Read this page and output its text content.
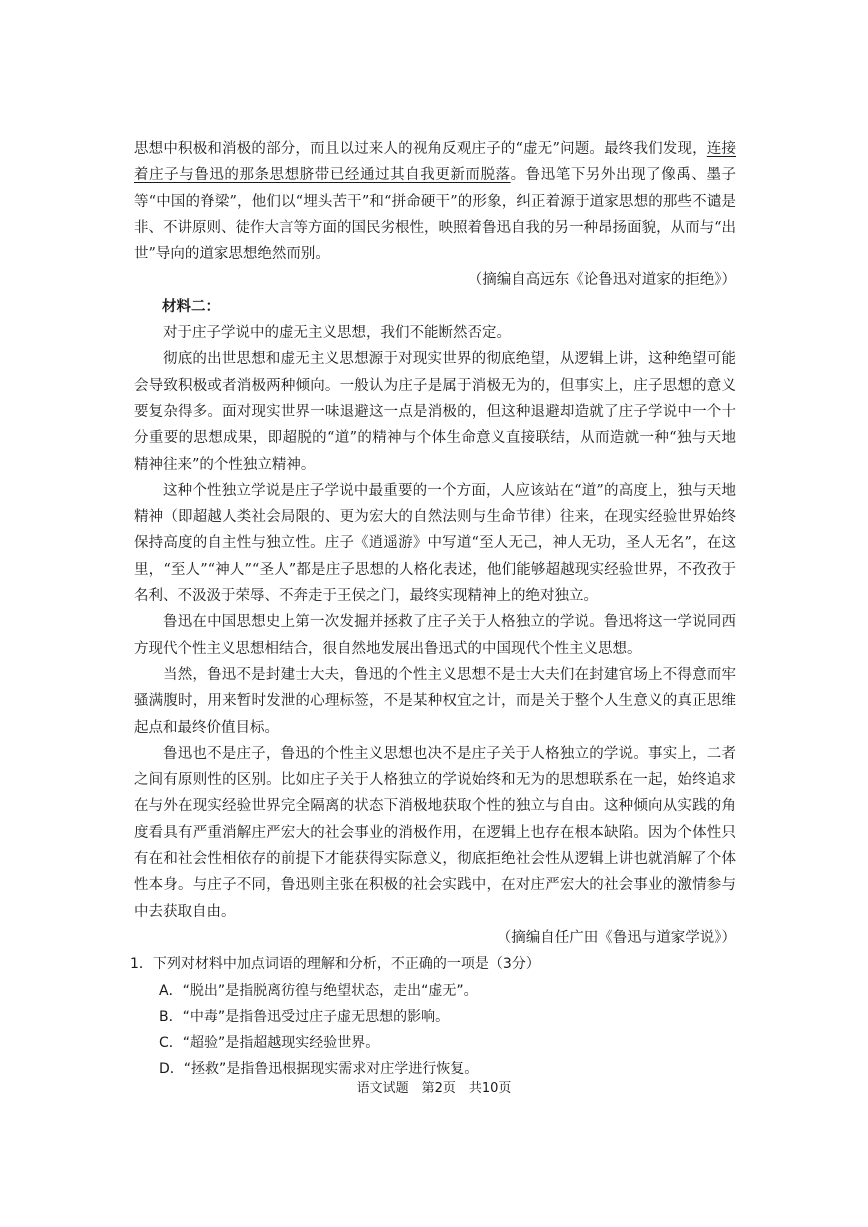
思想中积极和消极的部分，而且以过来人的视角反观庄子的“虚无”问题。最终我们发现，连接着庄子与鲁迅的那条思想脐带已经通过其自我更新而脱落。鲁迅笔下另外出现了像禹、墨子等“中国的脊梁”，他们以“埋头苦干”和“拼命硬干”的形象，纠正着源于道家思想的那些不谴是非、不讲原则、徒作大言等方面的国民劣根性，映照着鲁迅自我的另一种昂扬面貌，从而与“出世”导向的道家思想绝然而别。

（摘编自高远东《论鲁迅对道家的拒绝》）

材料二：

对于庄子学说中的虚无主义思想，我们不能断然否定。

彻底的出世思想和虚无主义思想源于对现实世界的彻底绝望，从逻辑上讲，这种绝望可能会导致积极或者消极两种倾向。一般认为庄子是属于消极无为的，但事实上，庄子思想的意义要复杂得多。面对现实世界一味退避这一点是消极的，但这种退避却造就了庄子学说中一个十分重要的思想成果，即超脱的“道”的精神与个体生命意义直接联结，从而造就一种“独与天地精神往来”的个性独立精神。

这种个性独立学说是庄子学说中最重要的一个方面，人应该站在“道”的高度上，独与天地精神（即超越人类社会局限的、更为宏大的自然法则与生命节律）往来，在现实经验世界始终保持高度的自主性与独立性。庄子《逍遥游》中写道“至人无己，神人无功，圣人无名”，在这里，“至人”“神人”“圣人”都是庄子思想的人格化表述，他们能够超越现实经验世界，不孜孜于名利、不汲汲于荣辱、不奔走于王侯之门，最终实现精神上的绝对独立。

鲁迅在中国思想史上第一次发掘并拯救了庄子关于人格独立的学说。鲁迅将这一学说同西方现代个性主义思想相结合，很自然地发展出鲁迅式的中国现代个性主义思想。

当然，鲁迅不是封建士大夫，鲁迅的个性主义思想不是士大夫们在封建官场上不得意而牢骚满腹时，用来暂时发泄的心理标签，不是某种权宜之计，而是关于整个人生意义的真正思维起点和最终价值目标。

鲁迅也不是庄子，鲁迅的个性主义思想也决不是庄子关于人格独立的学说。事实上，二者之间有原则性的区别。比如庄子关于人格独立的学说始终和无为的思想联系在一起，始终追求在与外在现实经验世界完全隔离的状态下消极地获取个性的独立与自由。这种倾向从实践的角度看具有严重消解庄严宏大的社会事业的消极作用，在逻辑上也存在根本缺陷。因为个体性只有在和社会性相依存的前提下才能获得实际意义，彻底拒绝社会性从逻辑上讲也就消解了个体性本身。与庄子不同，鲁迅则主张在积极的社会实践中，在对庄严宏大的社会事业的激情参与中去获取自由。

（摘编自任广田《鲁迅与道家学说》）

1．下列对材料中加点词语的理解和分析，不正确的一项是（3分）

A．“脱出”是指脱离彷徨与绝望状态，走出“虚无”。

B．“中毒”是指鲁迅受过庄子虚无思想的影响。

C．“超验”是指超越现实经验世界。

D．“拯救”是指鲁迅根据现实需求对庄学进行恢复。

语文试题　第2页　共10页
